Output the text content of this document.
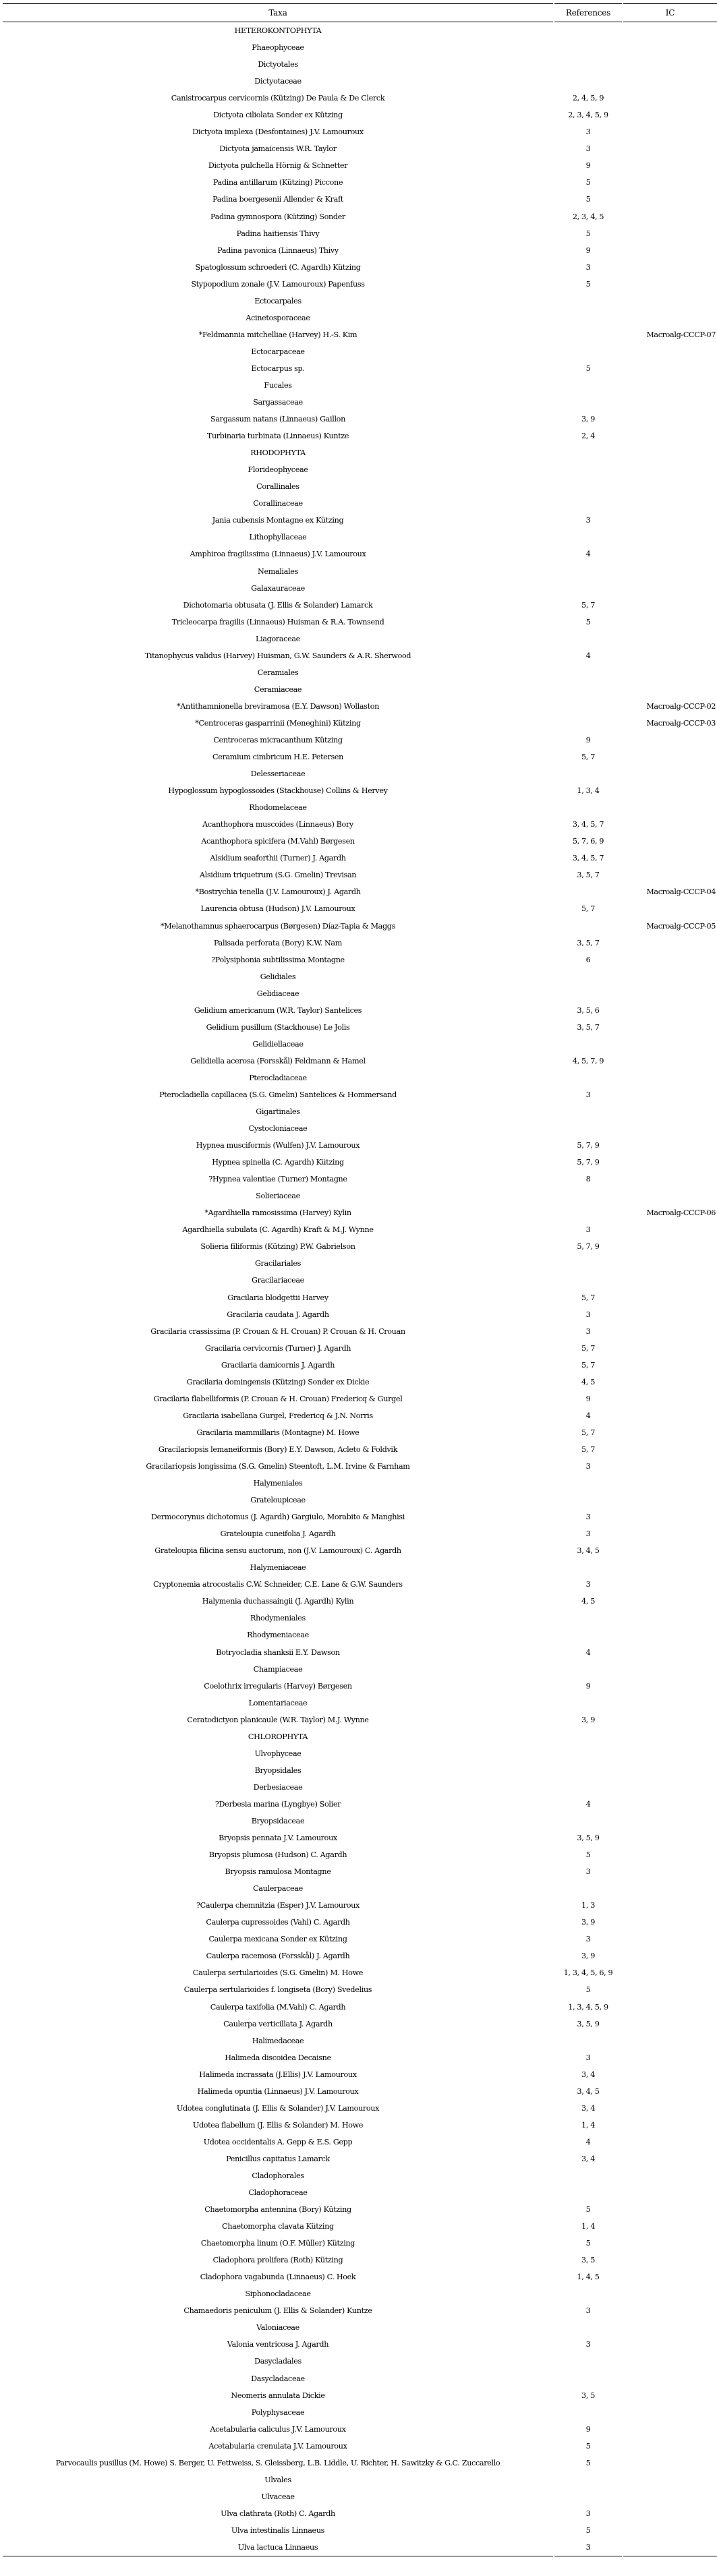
Taxa	References	IC
HETEROKONTOPHYTA		
Phaeophyceae		
Dictyotales		
Dictyotaceae		
Canistrocarpus cervicornis (Kützing) De Paula & De Clerck	2, 4, 5, 9	
Dictyota ciliolata Sonder ex Kützing	2, 3, 4, 5, 9	
Dictyota implexa (Desfontaines) J.V. Lamouroux	3	
Dictyota jamaicensis W.R. Taylor	3	
Dictyota pulchella Hörnig & Schnetter	9	
Padina antillarum (Kützing) Piccone	5	
Padina boergesenii Allender & Kraft	5	
Padina gymnospora (Kützing) Sonder	2, 3, 4, 5	
Padina haitiensis Thivy	5	
Padina pavonica (Linnaeus) Thivy	9	
Spatoglossum schroederi (C. Agardh) Kützing	3	
Stypopodium zonale (J.V. Lamouroux) Papenfuss	5	
Ectocarpales		
Acinetosporaceae		
*Feldmannia mitchelliae (Harvey) H.-S. Kim		Macroalg-CCCP-07
Ectocarpaceae		
Ectocarpus sp.	5	
Fucales		
Sargassaceae		
Sargassum natans (Linnaeus) Gaillon	3, 9	
Turbinaria turbinata (Linnaeus) Kuntze	2, 4	
RHODOPHYTA		
Florideophyceae		
Corallinales		
Corallinaceae		
Jania cubensis Montagne ex Kützing	3	
Lithophyllaceae		
Amphiroa fragilissima (Linnaeus) J.V. Lamouroux	4	
Nemaliales		
Galaxauraceae		
Dichotomaria obtusata (J. Ellis & Solander) Lamarck	5, 7	
Tricleocarpa fragilis (Linnaeus) Huisman & R.A. Townsend	5	
Liagoraceae		
Titanophycus validus (Harvey) Huisman, G.W. Saunders & A.R. Sherwood	4	
Ceramiales		
Ceramiaceae		
*Antithamnionella breviramosa (E.Y. Dawson) Wollaston		Macroalg-CCCP-02
*Centroceras gasparrinii (Meneghini) Kützing		Macroalg-CCCP-03
Centroceras micracanthum Kützing	9	
Ceramium cimbricum H.E. Petersen	5, 7	
Delesseriaceae		
Hypoglossum hypoglossoides (Stackhouse) Collins & Hervey	1, 3, 4	
Rhodomelaceae		
Acanthophora muscoides (Linnaeus) Bory	3, 4, 5, 7	
Acanthophora spicifera (M.Vahl) Børgesen	5, 7, 6, 9	
Alsidium seaforthii (Turner) J. Agardh	3, 4, 5, 7	
Alsidium triquetrum (S.G. Gmelin) Trevisan	3, 5, 7	
*Bostrychia tenella (J.V. Lamouroux) J. Agardh		Macroalg-CCCP-04
Laurencia obtusa (Hudson) J.V. Lamouroux	5, 7	
*Melanothamnus sphaerocarpus (Børgesen) Díaz-Tapia & Maggs		Macroalg-CCCP-05
Palisada perforata (Bory) K.W. Nam	3, 5, 7	
?Polysiphonia subtilissima Montagne	6	
Gelidiales		
Gelidiaceae		
Gelidium americanum (W.R. Taylor) Santelices	3, 5, 6	
Gelidium pusillum (Stackhouse) Le Jolis	3, 5, 7	
Gelidiellaceae		
Gelidiella acerosa (Forsskål) Feldmann & Hamel	4, 5, 7, 9	
Pterocladiaceae		
Pterocladiella capillacea (S.G. Gmelin) Santelices & Hommersand	3	
Gigartinales		
Cystocloniaceae		
Hypnea musciformis (Wulfen) J.V. Lamouroux	5, 7, 9	
Hypnea spinella (C. Agardh) Kützing	5, 7, 9	
?Hypnea valentiae (Turner) Montagne	8	
Solieriaceae		
*Agardhiella ramosissima (Harvey) Kylin		Macroalg-CCCP-06
Agardhiella subulata (C. Agardh) Kraft & M.J. Wynne	3	
Solieria filiformis (Kützing) P.W. Gabrielson	5, 7, 9	
Gracilariales		
Gracilariaceae		
Gracilaria blodgettii Harvey	5, 7	
Gracilaria caudata J. Agardh	3	
Gracilaria crassissima (P. Crouan & H. Crouan) P. Crouan & H. Crouan	3	
Gracilaria cervicornis (Turner) J. Agardh	5, 7	
Gracilaria damicornis J. Agardh	5, 7	
Gracilaria domingensis (Kützing) Sonder ex Dickie	4, 5	
Gracilaria flabelliformis (P. Crouan & H. Crouan) Fredericq & Gurgel	9	
Gracilaria isabellana Gurgel, Fredericq & J.N. Norris	4	
Gracilaria mammillaris (Montagne) M. Howe	5, 7	
Gracilariopsis lemaneiformis (Bory) E.Y. Dawson, Acleto & Foldvik	5, 7	
Gracilariopsis longissima (S.G. Gmelin) Steentoft, L.M. Irvine & Farnham	3	
Halymeniales		
Grateloupiceae		
Dermocorynus dichotomus (J. Agardh) Gargiulo, Morabito & Manghisi	3	
Grateloupia cuneifolia J. Agardh	3	
Grateloupia filicina sensu auctorum, non (J.V. Lamouroux) C. Agardh	3, 4, 5	
Halymeniaceae		
Cryptonemia atrocostalis C.W. Schneider, C.E. Lane & G.W. Saunders	3	
Halymenia duchassaingii (J. Agardh) Kylin	4, 5	
Rhodymeniales		
Rhodymeniaceae		
Botryocladia shanksii E.Y. Dawson	4	
Champiaceae		
Coelothrix irregularis (Harvey) Børgesen	9	
Lomentariaceae		
Ceratodictyon planicaule (W.R. Taylor) M.J. Wynne	3, 9	
CHLOROPHYTA		
Ulvophyceae		
Bryopsidales		
Derbesiaceae		
?Derbesia marina (Lyngbye) Solier	4	
Bryopsidaceae		
Bryopsis pennata J.V. Lamouroux	3, 5, 9	
Bryopsis plumosa (Hudson) C. Agardh	5	
Bryopsis ramulosa Montagne	3	
Caulerpaceae		
?Caulerpa chemnitzia (Esper) J.V. Lamouroux	1, 3	
Caulerpa cupressoides (Vahl) C. Agardh	3, 9	
Caulerpa mexicana Sonder ex Kützing	3	
Caulerpa racemosa (Forsskål) J. Agardh	3, 9	
Caulerpa sertularioides (S.G. Gmelin) M. Howe	1, 3, 4, 5, 6, 9	
Caulerpa sertularioides f. longiseta (Bory) Svedelius	5	
Caulerpa taxifolia (M.Vahl) C. Agardh	1, 3, 4, 5, 9	
Caulerpa verticillata J. Agardh	3, 5, 9	
Halimedaceae		
Halimeda discoidea Decaisne	3	
Halimeda incrassata (J.Ellis) J.V. Lamouroux	3, 4	
Halimeda opuntia (Linnaeus) J.V. Lamouroux	3, 4, 5	
Udotea conglutinata (J. Ellis & Solander) J.V. Lamouroux	3, 4	
Udotea flabellum (J. Ellis & Solander) M. Howe	1, 4	
Udotea occidentalis A. Gepp & E.S. Gepp	4	
Penicillus capitatus Lamarck	3, 4	
Cladophorales		
Cladophoraceae		
Chaetomorpha antennina (Bory) Kützing	5	
Chaetomorpha clavata Kützing	1, 4	
Chaetomorpha linum (O.F. Müller) Kützing	5	
Cladophora prolifera (Roth) Kützing	3, 5	
Cladophora vagabunda (Linnaeus) C. Hoek	1, 4, 5	
Siphonocladaceae		
Chamaedoris peniculum (J. Ellis & Solander) Kuntze	3	
Valoniaceae		
Valonia ventricosa J. Agardh	3	
Dasycladales		
Dasycladaceae		
Neomeris annulata Dickie	3, 5	
Polyphysaceae		
Acetabularia caliculus J.V. Lamouroux	9	
Acetabularia crenulata J.V. Lamouroux	5	
Parvocaulis pusillus (M. Howe) S. Berger, U. Fettweiss, S. Gleissberg, L.B. Liddle, U. Richter, H. Sawitzky & G.C. Zuccarello	5	
Ulvales		
Ulvaceae		
Ulva clathrata (Roth) C. Agardh	3	
Ulva intestinalis Linnaeus	5	
Ulva lactuca Linnaeus	3	
